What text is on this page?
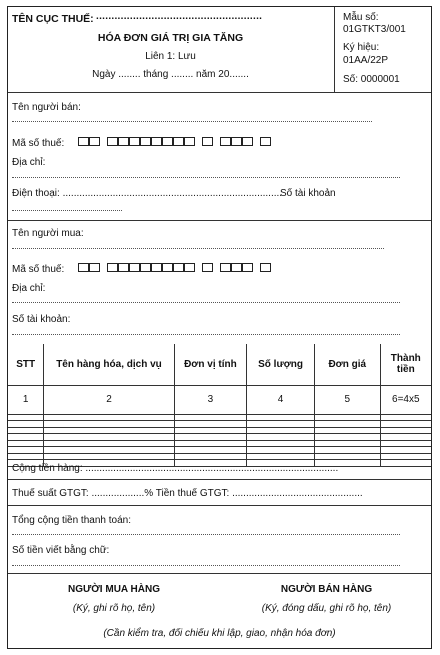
TÊN CỤC THUẾ: ......................................................
HÓA ĐƠN GIÁ TRỊ GIA TĂNG
Liên 1: Lưu
Ngày ........ tháng ........ năm 20.......
Mẫu số:
01GTKT3/001
Ký hiệu:
01AA/22P
Số: 0000001
Tên người bán:
Mã số thuế:
Địa chỉ:
Điện thoại: ...............................................................................
Số tài khoản
Tên người mua:
Mã số thuế:
Địa chỉ:
Số tài khoản:
STT	Tên hàng hóa, dịch vụ	Đơn vị tính	Số lượng	Đơn giá	Thành tiền
1	2	3	4	5	6=4x5

Cộng tiền hàng: ...........................................................................................
Thuế suất GTGT: ...................% Tiền thuế GTGT: ...............................................
Tổng cộng tiền thanh toán:
Số tiền viết bằng chữ:
NGƯỜI MUA HÀNG
(Ký, ghi rõ họ, tên)
NGƯỜI BÁN HÀNG
(Ký, đóng dấu, ghi rõ họ, tên)
(Cần kiểm tra, đối chiếu khi lập, giao, nhận hóa đơn)
